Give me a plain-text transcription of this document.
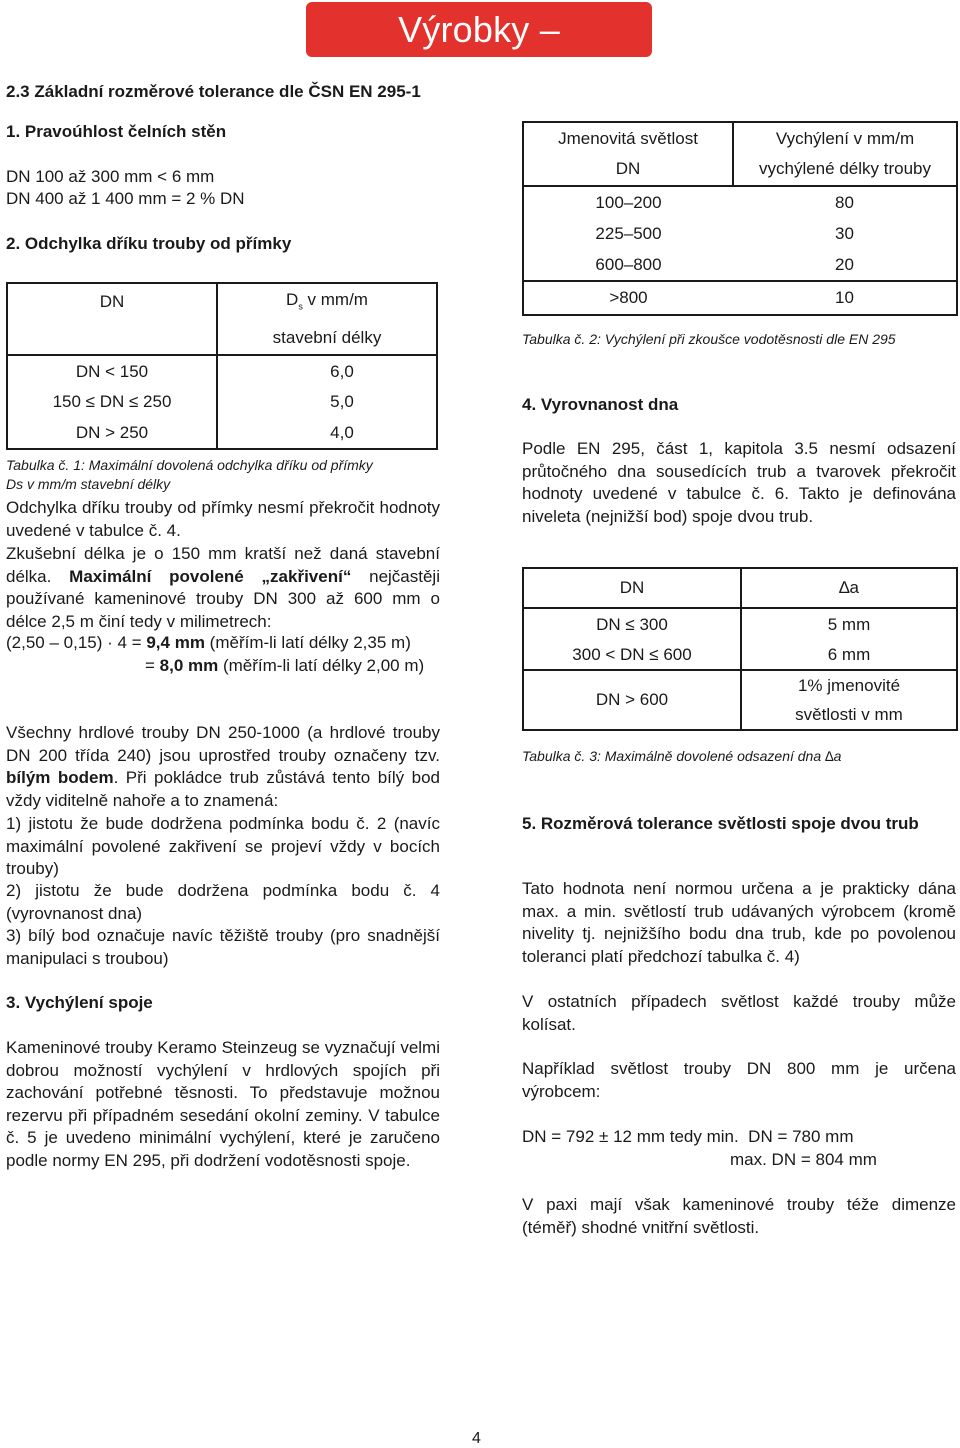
Výrobky – všeobecně
2.3 Základní rozměrové tolerance dle ČSN EN 295-1
1. Pravoúhlost čelních stěn
DN 100 až 300 mm < 6 mm
DN 400 až 1 400 mm = 2 % DN
2. Odchylka dříku trouby od přímky
DN	$D_s$ v mm/m
stavební délky
DN < 150	6,0
150 ≤ DN ≤ 250	5,0
DN > 250	4,0
Tabulka č. 1: Maximální dovolená odchylka dříku od přímky
Ds v mm/m stavební délky
Odchylka dříku trouby od přímky nesmí překročit hodnoty uvedené v tabulce č. 4.
Zkušební délka je o 150 mm kratší než daná stavební délka. Maximální povolené „zakřivení“ nejčastěji používané kameninové trouby DN 300 až 600 mm o délce 2,5 m činí tedy v milimetrech:
(2,50 – 0,15) · 4 = 9,4 mm (měřím-li latí délky 2,35 m)
= 8,0 mm (měřím-li latí délky 2,00 m)
Všechny hrdlové trouby DN 250-1000 (a hrdlové trouby DN 200 třída 240) jsou uprostřed trouby označeny tzv. bílým bodem. Při pokládce trub zůstává tento bílý bod vždy viditelně nahoře a to znamená:
1) jistotu že bude dodržena podmínka bodu č. 2 (navíc maximální povolené zakřivení se projeví vždy v bocích trouby)
2) jistotu že bude dodržena podmínka bodu č. 4 (vyrovnanost dna)
3) bílý bod označuje navíc těžiště trouby (pro snadnější manipulaci s troubou)
3. Vychýlení spoje
Kameninové trouby Keramo Steinzeug se vyznačují velmi dobrou možností vychýlení v hrdlových spojích při zachování potřebné těsnosti. To představuje možnou rezervu při případném sesedání okolní zeminy. V tabulce č. 5 je uvedeno minimální vychýlení, které je zaručeno podle normy EN 295, při dodržení vodotěsnosti spoje.
Jmenovitá světlost
DN	Vychýlení v mm/m
vychýlené délky trouby
100–200	80
225–500	30
600–800	20
>800	10
Tabulka č. 2: Vychýlení při zkoušce vodotěsnosti dle EN 295
4. Vyrovnanost dna
Podle EN 295, část 1, kapitola 3.5 nesmí odsazení průtočného dna sousedících trub a tvarovek překročit hodnoty uvedené v tabulce č. 6. Takto je definována niveleta (nejnižší bod) spoje dvou trub.
DN	∆a
DN ≤ 300	5 mm
300 < DN ≤ 600	6 mm
DN > 600	1% jmenovité
světlosti v mm
Tabulka č. 3: Maximálně dovolené odsazení dna ∆a
5. Rozměrová tolerance světlosti spoje dvou trub
Tato hodnota není normou určena a je prakticky dána max. a min. světlostí trub udávaných výrobcem (kromě nivelity tj. nejnižšího bodu dna trub, kde po povolenou toleranci platí předchozí tabulka č. 4)
V ostatních případech světlost každé trouby může kolísat.
Například světlost trouby DN 800 mm je určena výrobcem:
DN = 792 ± 12 mm tedy min.  DN = 780 mm
max. DN = 804 mm
V paxi mají však kameninové trouby téže dimenze (téměř) shodné vnitřní světlosti.
4
